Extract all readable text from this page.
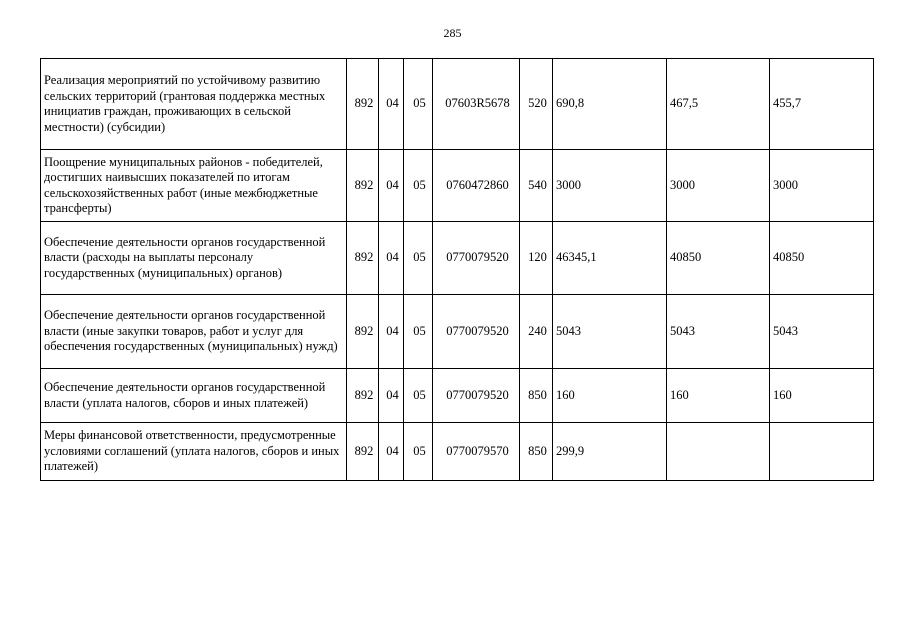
285
Реализация мероприятий по устойчивому развитию сельских территорий (грантовая поддержка местных инициатив граждан, проживающих в сельской местности) (субсидии)	892	04	05	07603R5678	520	690,8	467,5	455,7
Поощрение муниципальных районов - победителей, достигших наивысших показателей по итогам сельскохозяйственных работ (иные межбюджетные трансферты)	892	04	05	0760472860	540	3000	3000	3000
Обеспечение деятельности органов государственной власти (расходы на выплаты персоналу государственных (муниципальных) органов)	892	04	05	0770079520	120	46345,1	40850	40850
Обеспечение деятельности органов государственной власти (иные закупки товаров, работ и услуг для обеспечения государственных (муниципальных) нужд)	892	04	05	0770079520	240	5043	5043	5043
Обеспечение деятельности органов государственной власти (уплата налогов, сборов и иных платежей)	892	04	05	0770079520	850	160	160	160
Меры финансовой ответственности, предусмотренные условиями соглашений (уплата налогов, сборов и иных платежей)	892	04	05	0770079570	850	299,9		
